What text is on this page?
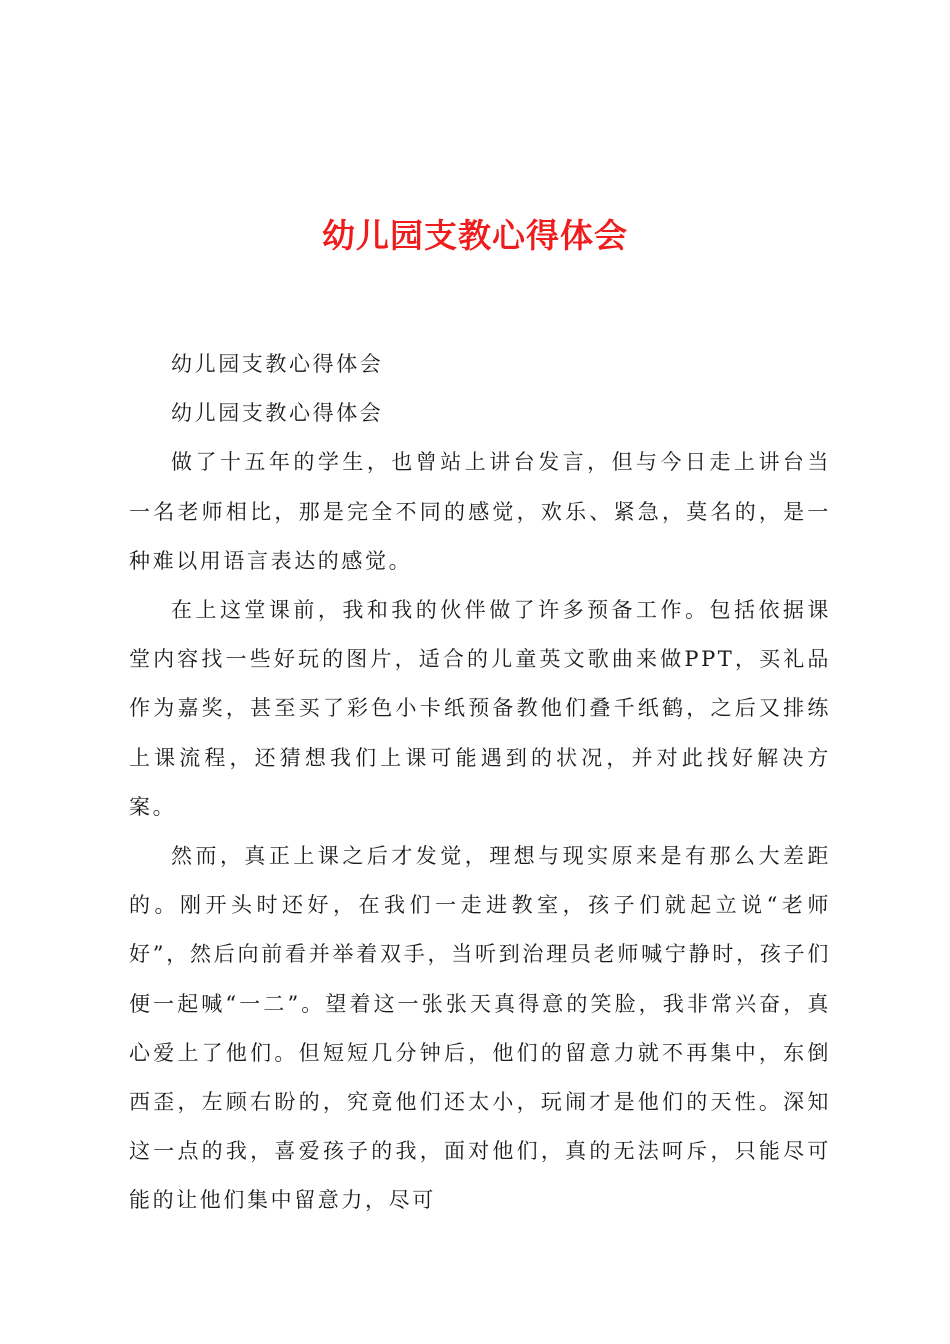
幼儿园支教心得体会

幼儿园支教心得体会

幼儿园支教心得体会

做了十五年的学生，也曾站上讲台发言，但与今日走上讲台当一名老师相比，那是完全不同的感觉，欢乐、紧急，莫名的，是一种难以用语言表达的感觉。

在上这堂课前，我和我的伙伴做了许多预备工作。包括依据课堂内容找一些好玩的图片，适合的儿童英文歌曲来做PPT，买礼品作为嘉奖，甚至买了彩色小卡纸预备教他们叠千纸鹤，之后又排练上课流程，还猜想我们上课可能遇到的状况，并对此找好解决方案。

然而，真正上课之后才发觉，理想与现实原来是有那么大差距的。刚开头时还好，在我们一走进教室，孩子们就起立说“老师好”，然后向前看并举着双手，当听到治理员老师喊宁静时，孩子们便一起喊“一二”。望着这一张张天真得意的笑脸，我非常兴奋，真心爱上了他们。但短短几分钟后，他们的留意力就不再集中，东倒西歪，左顾右盼的，究竟他们还太小，玩闹才是他们的天性。深知这一点的我，喜爱孩子的我，面对他们，真的无法呵斥，只能尽可能的让他们集中留意力，尽可
